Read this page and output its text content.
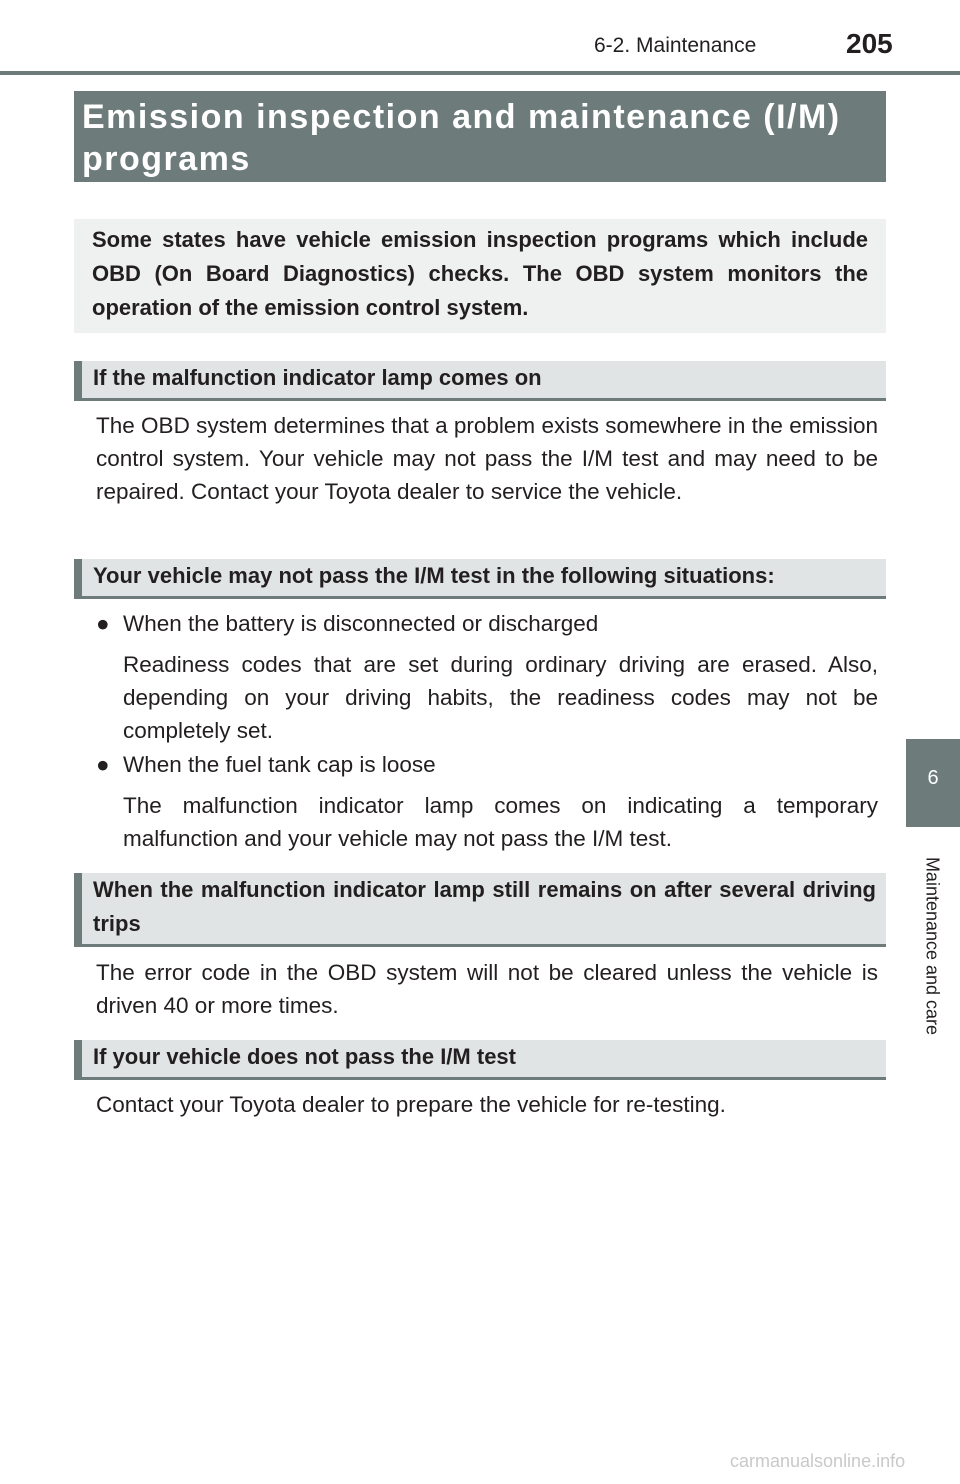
6-2. Maintenance	205
6
Maintenance and care
Emission inspection and maintenance (I/M) programs
Some states have vehicle emission inspection programs which include OBD (On Board Diagnostics) checks. The OBD system monitors the operation of the emission control system.
If the malfunction indicator lamp comes on
The OBD system determines that a problem exists somewhere in the emission control system. Your vehicle may not pass the I/M test and may need to be repaired. Contact your Toyota dealer to service the vehicle.
Your vehicle may not pass the I/M test in the following situations:
● When the battery is disconnected or discharged
Readiness codes that are set during ordinary driving are erased. Also, depending on your driving habits, the readiness codes may not be completely set.
● When the fuel tank cap is loose
The malfunction indicator lamp comes on indicating a temporary malfunction and your vehicle may not pass the I/M test.
When the malfunction indicator lamp still remains on after several driving trips
The error code in the OBD system will not be cleared unless the vehicle is driven 40 or more times.
If your vehicle does not pass the I/M test
Contact your Toyota dealer to prepare the vehicle for re-testing.
carmanualsonline.info
